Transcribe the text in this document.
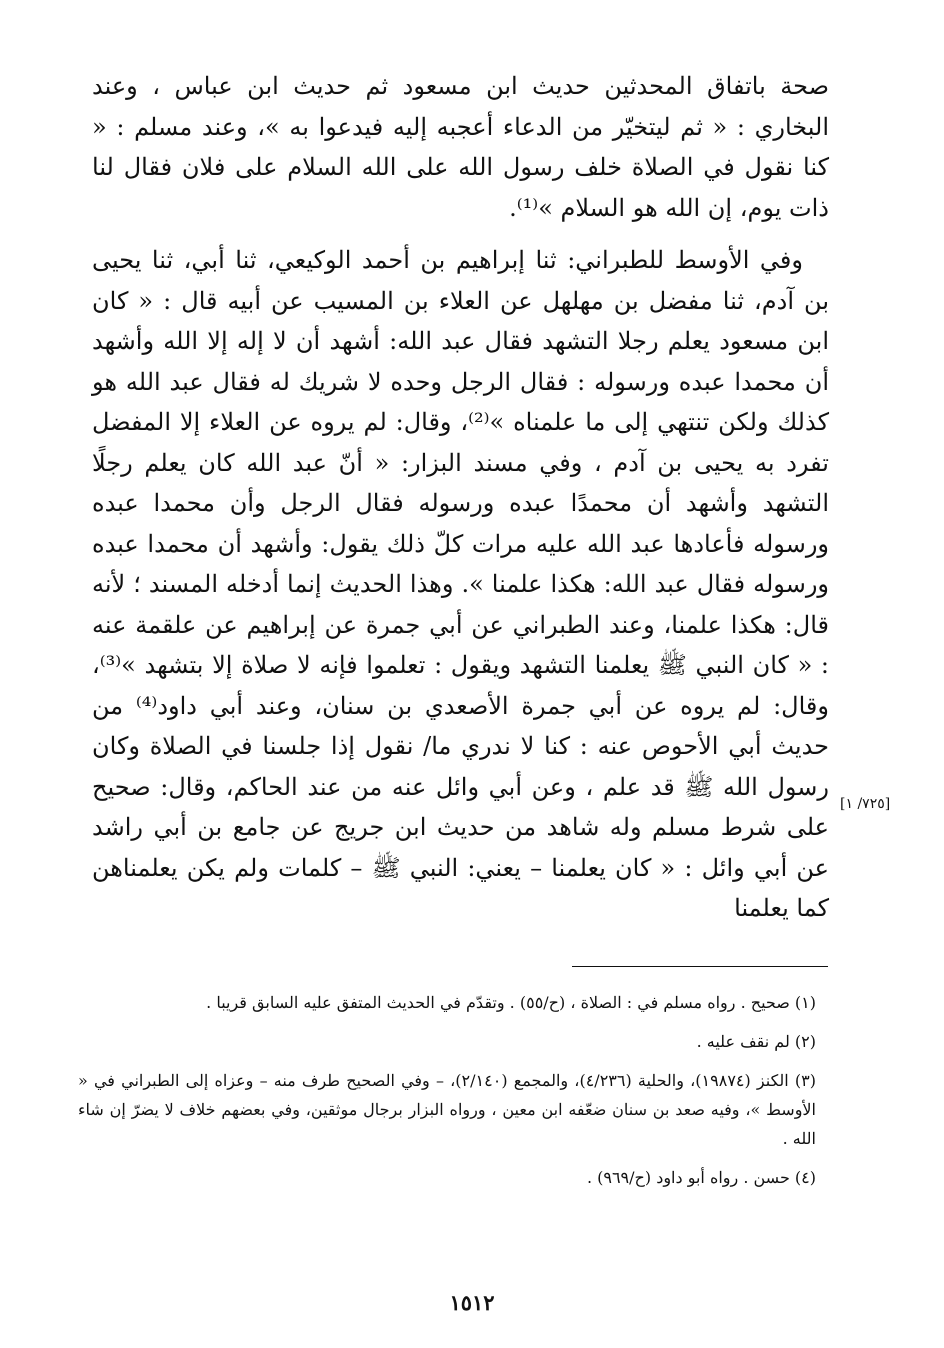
صحة باتفاق المحدثين حديث ابن مسعود ثم حديث ابن عباس ، وعند البخاري : « ثم ليتخيّر من الدعاء أعجبه إليه فيدعوا به »، وعند مسلم : « كنا نقول في الصلاة خلف رسول الله على الله السلام على فلان فقال لنا ذات يوم، إن الله هو السلام »⁽¹⁾.

وفي الأوسط للطبراني: ثنا إبراهيم بن أحمد الوكيعي، ثنا أبي، ثنا يحيى بن آدم، ثنا مفضل بن مهلهل عن العلاء بن المسيب عن أبيه قال : « كان ابن مسعود يعلم رجلا التشهد فقال عبد الله: أشهد أن لا إله إلا الله وأشهد أن محمدا عبده ورسوله : فقال الرجل وحده لا شريك له فقال عبد الله هو كذلك ولكن تنتهي إلى ما علمناه »⁽²⁾، وقال: لم يروه عن العلاء إلا المفضل تفرد به يحيى بن آدم ، وفي مسند البزار: « أنّ عبد الله كان يعلم رجلًا التشهد وأشهد أن محمدًا عبده ورسوله فقال الرجل وأن محمدا عبده ورسوله فأعادها عبد الله عليه مرات كلّ ذلك يقول: وأشهد أن محمدا عبده ورسوله فقال عبد الله: هكذا علمنا ». وهذا الحديث إنما أدخله المسند ؛ لأنه قال: هكذا علمنا، وعند الطبراني عن أبي جمرة عن إبراهيم عن علقمة عنه : « كان النبي ﷺ يعلمنا التشهد ويقول : تعلموا فإنه لا صلاة إلا بتشهد »⁽³⁾، وقال: لم يروه عن أبي جمرة الأصعدي بن سنان، وعند أبي داود⁽⁴⁾ من حديث أبي الأحوص عنه : كنا لا ندري ما/ نقول إذا جلسنا في الصلاة وكان رسول الله ﷺ قد علم ، وعن أبي وائل عنه من عند الحاكم، وقال: صحيح على شرط مسلم وله شاهد من حديث ابن جريج عن جامع بن أبي راشد عن أبي وائل : « كان يعلمنا – يعني: النبي ﷺ – كلمات ولم يكن يعلمناهن كما يعلمنا

[٧٢٥/ ١]

(١) صحيح . رواه مسلم في : الصلاة ، (ح/٥٥) . وتقدّم في الحديث المتفق عليه السابق قريبا .

(٢) لم نقف عليه .

(٣) الكنز (١٩٨٧٤)، والحلية (٤/٢٣٦)، والمجمع (٢/١٤٠)، – وفي الصحيح طرف منه – وعزاه إلى الطبراني في « الأوسط »، وفيه صعد بن سنان ضعّفه ابن معين ، ورواه البزار برجال موثقين، وفي بعضهم خلاف لا يضرّ إن شاء الله .

(٤) حسن . رواه أبو داود (ح/٩٦٩) .

١٥١٢
